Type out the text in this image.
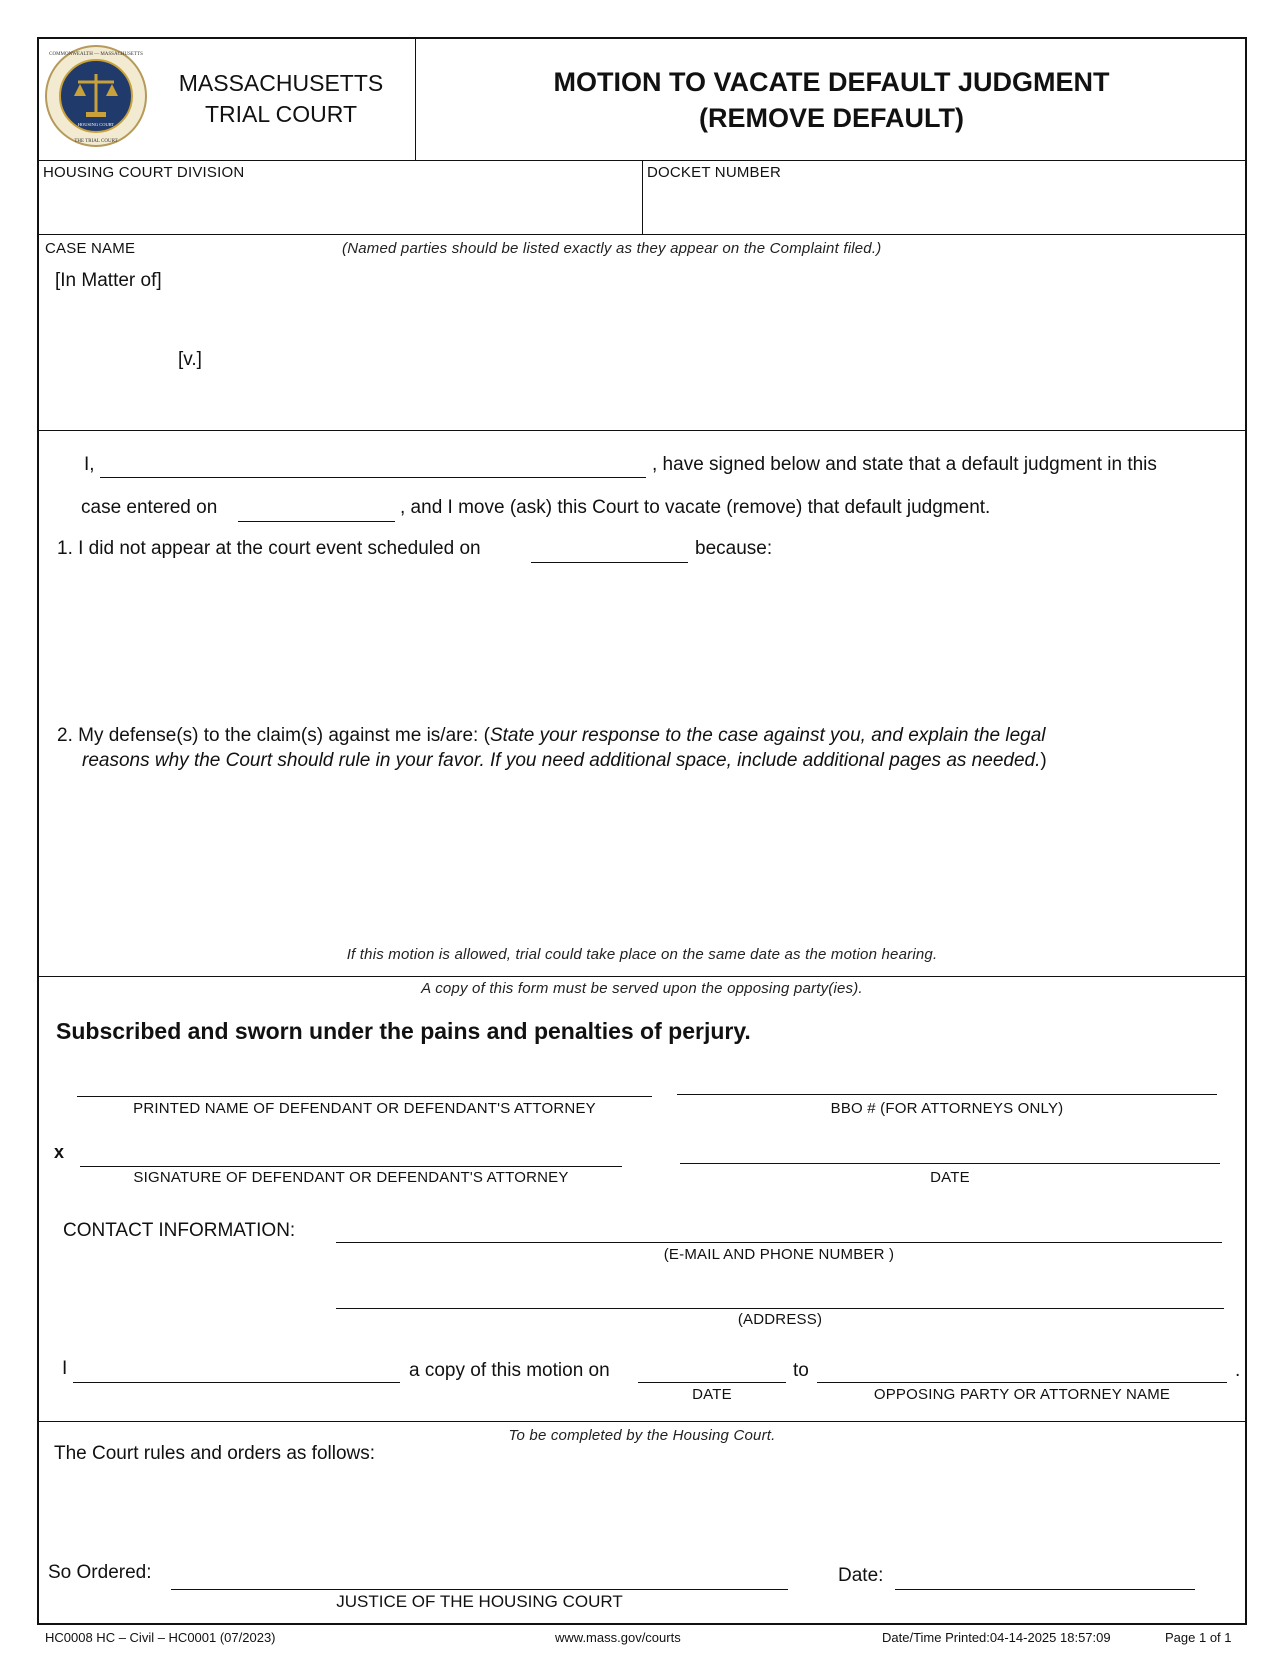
COMMONWEALTH — MASSACHUSETTS
HOUSING COURT
THE TRIAL COURT
MASSACHUSETTS
TRIAL COURT
MOTION TO VACATE DEFAULT JUDGMENT
(REMOVE DEFAULT)
HOUSING COURT DIVISION	DOCKET NUMBER
CASE NAME	(Named parties should be listed exactly as they appear on the Complaint filed.)
[In Matter of]
[v.]
I,	, have signed below and state that a default judgment in this
case entered on	, and I move (ask) this Court to vacate (remove) that default judgment.
1. I did not appear at the court event scheduled on	because:
2. My defense(s) to the claim(s) against me is/are: (State your response to the case against you, and explain the legal
reasons why the Court should rule in your favor. If you need additional space, include additional pages as needed.)
If this motion is allowed, trial could take place on the same date as the motion hearing.
A copy of this form must be served upon the opposing party(ies).
Subscribed and sworn under the pains and penalties of perjury.
PRINTED NAME OF DEFENDANT OR DEFENDANT'S ATTORNEY	BBO # (FOR ATTORNEYS ONLY)
x
SIGNATURE OF DEFENDANT OR DEFENDANT'S ATTORNEY	DATE
CONTACT INFORMATION:
(E-MAIL AND PHONE NUMBER )
(ADDRESS)
I	a copy of this motion on
DATE
to
OPPOSING PARTY OR ATTORNEY NAME
.
To be completed by the Housing Court.
The Court rules and orders as follows:
So Ordered:
JUSTICE OF THE HOUSING COURT
Date:
HC0008 HC – Civil – HC0001 (07/2023)	www.mass.gov/courts	Date/Time Printed:04-14-2025 18:57:09	Page 1 of 1
